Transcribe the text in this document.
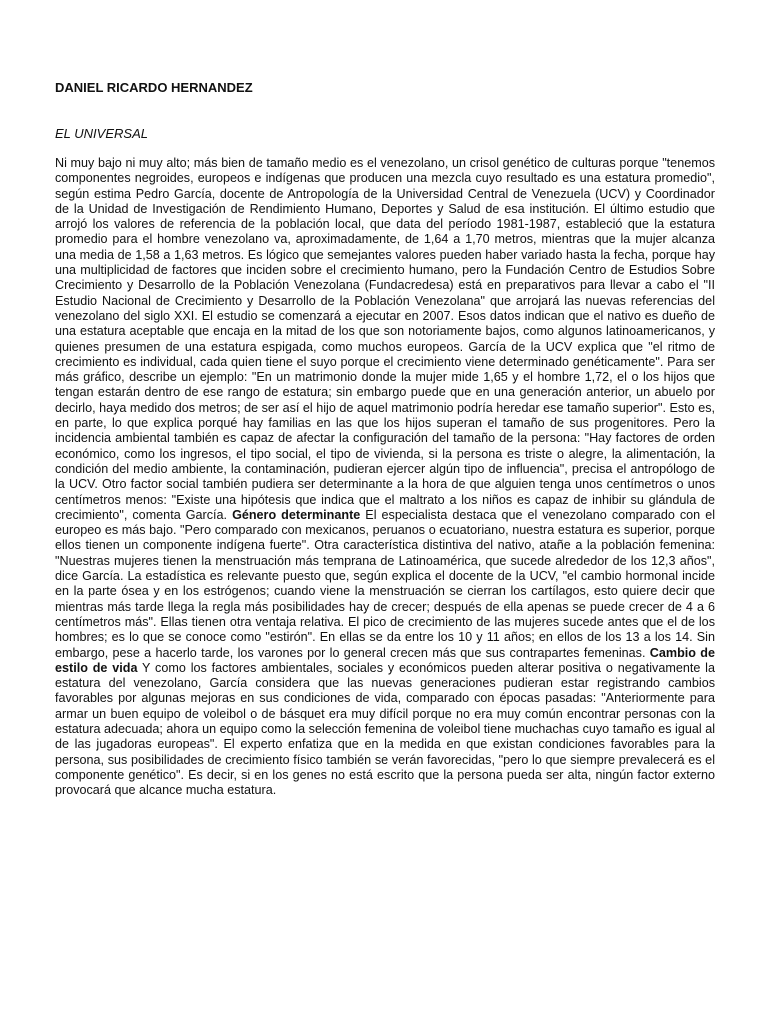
DANIEL RICARDO HERNANDEZ

EL UNIVERSAL

Ni muy bajo ni muy alto; más bien de tamaño medio es el venezolano, un crisol genético de culturas porque "tenemos componentes negroides, europeos e indígenas que producen una mezcla cuyo resultado es una estatura promedio", según estima Pedro García, docente de Antropología de la Universidad Central de Venezuela (UCV) y Coordinador de la Unidad de Investigación de Rendimiento Humano, Deportes y Salud de esa institución. El último estudio que arrojó los valores de referencia de la población local, que data del período 1981-1987, estableció que la estatura promedio para el hombre venezolano va, aproximadamente, de 1,64 a 1,70 metros, mientras que la mujer alcanza una media de 1,58 a 1,63 metros. Es lógico que semejantes valores pueden haber variado hasta la fecha, porque hay una multiplicidad de factores que inciden sobre el crecimiento humano, pero la Fundación Centro de Estudios Sobre Crecimiento y Desarrollo de la Población Venezolana (Fundacredesa) está en preparativos para llevar a cabo el "II Estudio Nacional de Crecimiento y Desarrollo de la Población Venezolana" que arrojará las nuevas referencias del venezolano del siglo XXI. El estudio se comenzará a ejecutar en 2007. Esos datos indican que el nativo es dueño de una estatura aceptable que encaja en la mitad de los que son notoriamente bajos, como algunos latinoamericanos, y quienes presumen de una estatura espigada, como muchos europeos. García de la UCV explica que "el ritmo de crecimiento es individual, cada quien tiene el suyo porque el crecimiento viene determinado genéticamente". Para ser más gráfico, describe un ejemplo: "En un matrimonio donde la mujer mide 1,65 y el hombre 1,72, el o los hijos que tengan estarán dentro de ese rango de estatura; sin embargo puede que en una generación anterior, un abuelo por decirlo, haya medido dos metros; de ser así el hijo de aquel matrimonio podría heredar ese tamaño superior". Esto es, en parte, lo que explica porqué hay familias en las que los hijos superan el tamaño de sus progenitores. Pero la incidencia ambiental también es capaz de afectar la configuración del tamaño de la persona: "Hay factores de orden económico, como los ingresos, el tipo social, el tipo de vivienda, si la persona es triste o alegre, la alimentación, la condición del medio ambiente, la contaminación, pudieran ejercer algún tipo de influencia", precisa el antropólogo de la UCV. Otro factor social también pudiera ser determinante a la hora de que alguien tenga unos centímetros o unos centímetros menos: "Existe una hipótesis que indica que el maltrato a los niños es capaz de inhibir su glándula de crecimiento", comenta García. Género determinante El especialista destaca que el venezolano comparado con el europeo es más bajo. "Pero comparado con mexicanos, peruanos o ecuatoriano, nuestra estatura es superior, porque ellos tienen un componente indígena fuerte". Otra característica distintiva del nativo, atañe a la población femenina: "Nuestras mujeres tienen la menstruación más temprana de Latinoamérica, que sucede alrededor de los 12,3 años", dice García. La estadística es relevante puesto que, según explica el docente de la UCV, "el cambio hormonal incide en la parte ósea y en los estrógenos; cuando viene la menstruación se cierran los cartílagos, esto quiere decir que mientras más tarde llega la regla más posibilidades hay de crecer; después de ella apenas se puede crecer de 4 a 6 centímetros más". Ellas tienen otra ventaja relativa. El pico de crecimiento de las mujeres sucede antes que el de los hombres; es lo que se conoce como "estirón". En ellas se da entre los 10 y 11 años; en ellos de los 13 a los 14. Sin embargo, pese a hacerlo tarde, los varones por lo general crecen más que sus contrapartes femeninas. Cambio de estilo de vida Y como los factores ambientales, sociales y económicos pueden alterar positiva o negativamente la estatura del venezolano, García considera que las nuevas generaciones pudieran estar registrando cambios favorables por algunas mejoras en sus condiciones de vida, comparado con épocas pasadas: "Anteriormente para armar un buen equipo de voleibol o de básquet era muy difícil porque no era muy común encontrar personas con la estatura adecuada; ahora un equipo como la selección femenina de voleibol tiene muchachas cuyo tamaño es igual al de las jugadoras europeas". El experto enfatiza que en la medida en que existan condiciones favorables para la persona, sus posibilidades de crecimiento físico también se verán favorecidas, "pero lo que siempre prevalecerá es el componente genético". Es decir, si en los genes no está escrito que la persona pueda ser alta, ningún factor externo provocará que alcance mucha estatura.
